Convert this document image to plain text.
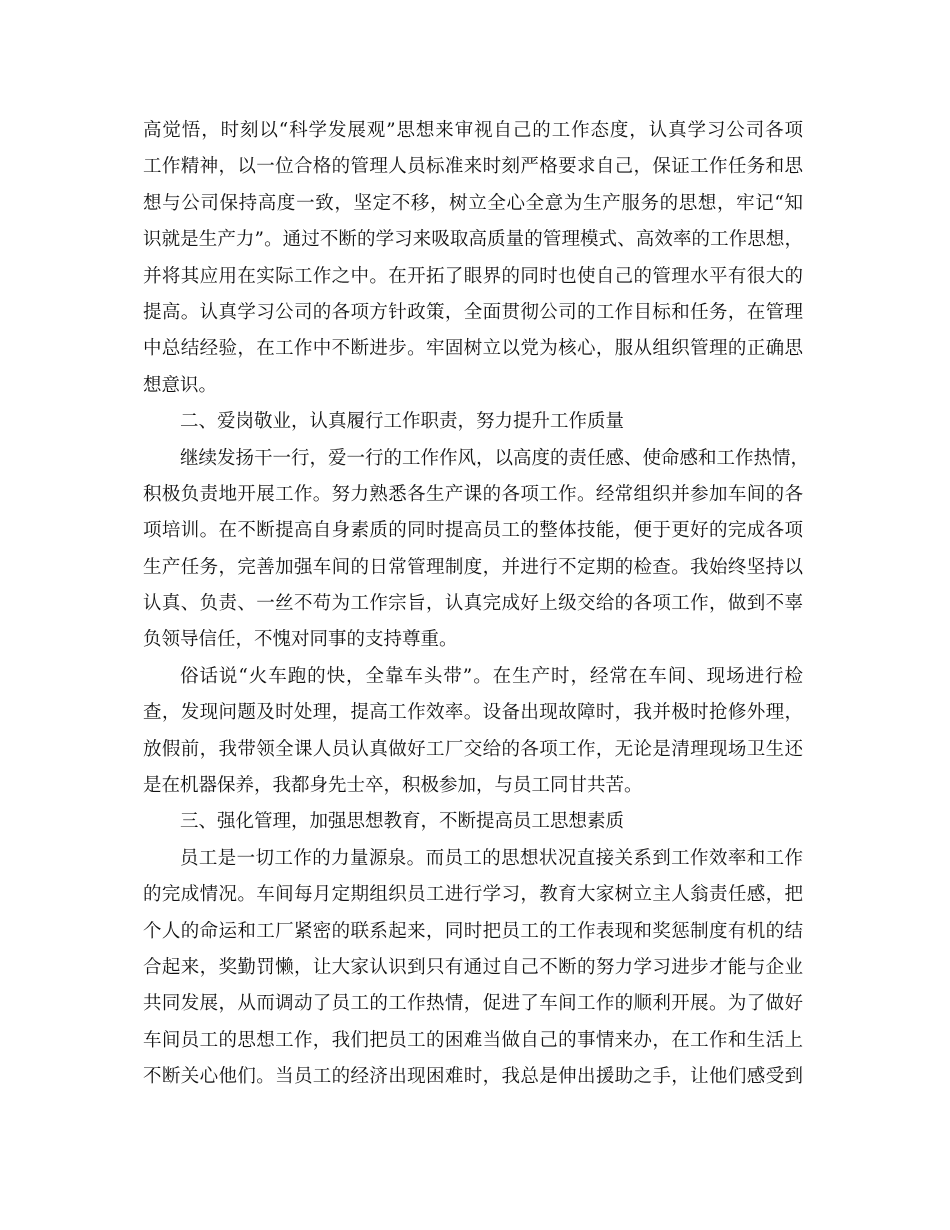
高觉悟，时刻以“科学发展观”思想来审视自己的工作态度，认真学习公司各项
工作精神，以一位合格的管理人员标准来时刻严格要求自己，保证工作任务和思
想与公司保持高度一致，坚定不移，树立全心全意为生产服务的思想，牢记“知
识就是生产力”。通过不断的学习来吸取高质量的管理模式、高效率的工作思想，
并将其应用在实际工作之中。在开拓了眼界的同时也使自己的管理水平有很大的
提高。认真学习公司的各项方针政策，全面贯彻公司的工作目标和任务，在管理
中总结经验，在工作中不断进步。牢固树立以党为核心，服从组织管理的正确思
想意识。
二、爱岗敬业，认真履行工作职责，努力提升工作质量
继续发扬干一行，爱一行的工作作风，以高度的责任感、使命感和工作热情，
积极负责地开展工作。努力熟悉各生产课的各项工作。经常组织并参加车间的各
项培训。在不断提高自身素质的同时提高员工的整体技能，便于更好的完成各项
生产任务，完善加强车间的日常管理制度，并进行不定期的检查。我始终坚持以
认真、负责、一丝不苟为工作宗旨，认真完成好上级交给的各项工作，做到不辜
负领导信任，不愧对同事的支持尊重。
俗话说“火车跑的快，全靠车头带”。在生产时，经常在车间、现场进行检
查，发现问题及时处理，提高工作效率。设备出现故障时，我并极时抢修外理，
放假前，我带领全课人员认真做好工厂交给的各项工作，无论是清理现场卫生还
是在机器保养，我都身先士卒，积极参加，与员工同甘共苦。
三、强化管理，加强思想教育，不断提高员工思想素质
员工是一切工作的力量源泉。而员工的思想状况直接关系到工作效率和工作
的完成情况。车间每月定期组织员工进行学习，教育大家树立主人翁责任感，把
个人的命运和工厂紧密的联系起来，同时把员工的工作表现和奖惩制度有机的结
合起来，奖勤罚懒，让大家认识到只有通过自己不断的努力学习进步才能与企业
共同发展，从而调动了员工的工作热情，促进了车间工作的顺利开展。为了做好
车间员工的思想工作，我们把员工的困难当做自己的事情来办，在工作和生活上
不断关心他们。当员工的经济出现困难时，我总是伸出援助之手，让他们感受到
